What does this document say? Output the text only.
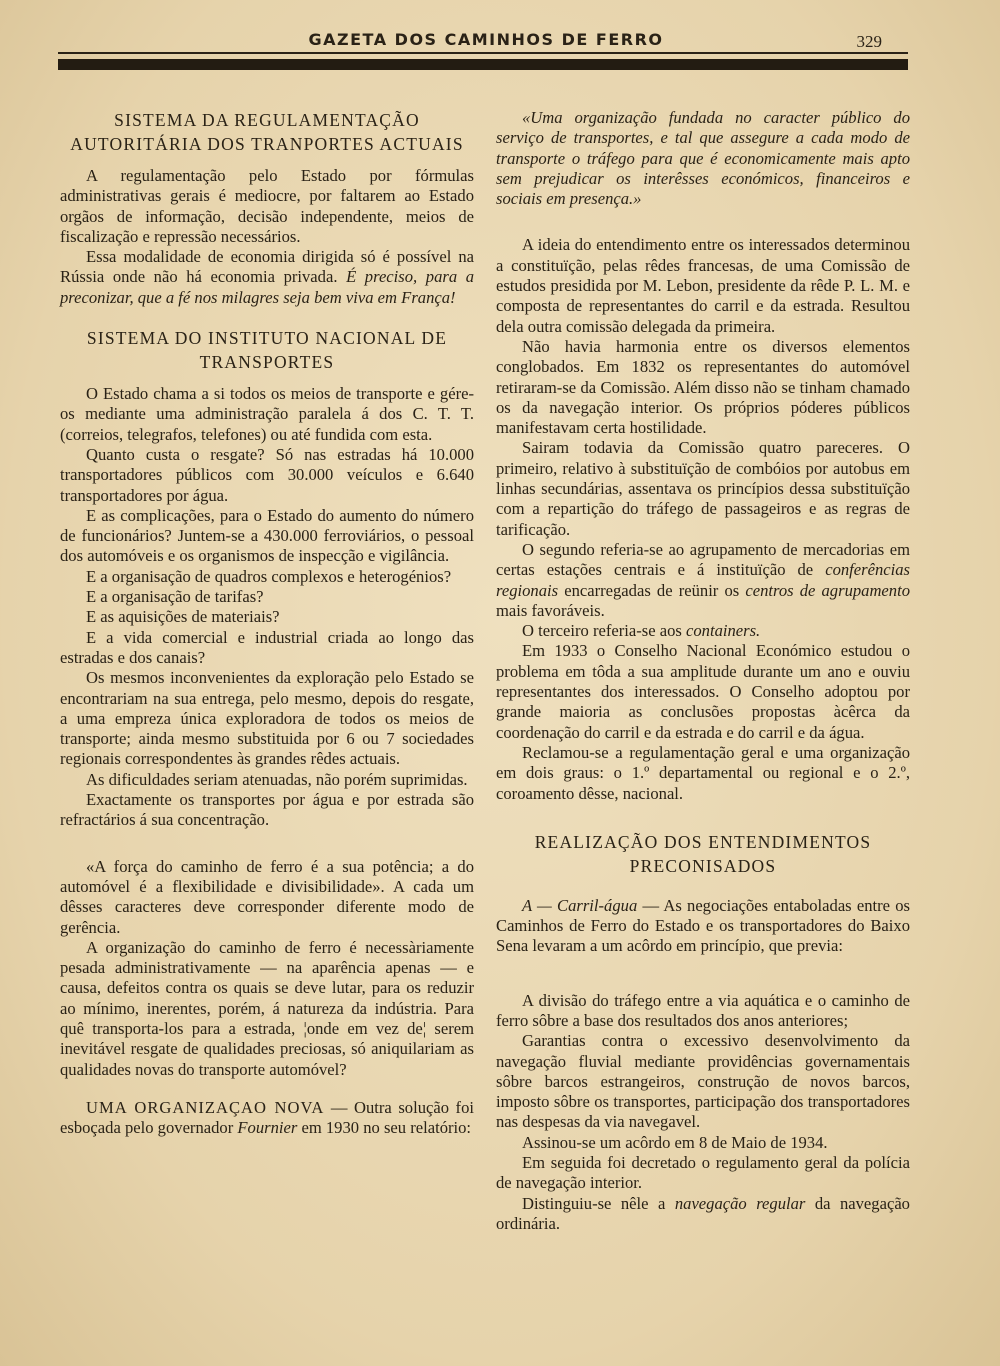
GAZETA DOS CAMINHOS DE FERRO	329
SISTEMA DA REGULAMENTAÇÃO AUTORITÁRIA DOS TRANPORTES ACTUAIS

A regulamentação pelo Estado por fórmulas administrativas gerais é mediocre, por faltarem ao Estado orgãos de informação, decisão independente, meios de fiscalização e repressão necessários.

Essa modalidade de economia dirigida só é possível na Rússia onde não há economia privada. É preciso, para a preconizar, que a fé nos milagres seja bem viva em França!

SISTEMA DO INSTITUTO NACIONAL DE TRANSPORTES

O Estado chama a si todos os meios de transporte e gére-os mediante uma administração paralela á dos C. T. T. (correios, telegrafos, telefones) ou até fundida com esta.

Quanto custa o resgate? Só nas estradas há 10.000 transportadores públicos com 30.000 veículos e 6.640 transportadores por água.

E as complicações, para o Estado do aumento do número de funcionários? Juntem-se a 430.000 ferroviários, o pessoal dos automóveis e os organismos de inspecção e vigilância.

E a organisação de quadros complexos e heterogénios?

E a organisação de tarifas?

E as aquisições de materiais?

E a vida comercial e industrial criada ao longo das estradas e dos canais?

Os mesmos inconvenientes da exploração pelo Estado se encontrariam na sua entrega, pelo mesmo, depois do resgate, a uma empreza única exploradora de todos os meios de transporte; ainda mesmo substituida por 6 ou 7 sociedades regionais correspondentes às grandes rêdes actuais.

As dificuldades seriam atenuadas, não porém suprimidas.

Exactamente os transportes por água e por estrada são refractários á sua concentração.

«A força do caminho de ferro é a sua potência; a do automóvel é a flexibilidade e divisibilidade». A cada um dêsses caracteres deve corresponder diferente modo de gerência.

A organização do caminho de ferro é necessàriamente pesada administrativamente — na aparência apenas — e causa, defeitos contra os quais se deve lutar, para os reduzir ao mínimo, inerentes, porém, á natureza da indústria. Para quê transporta-los para a estrada, ¦onde em vez de¦ serem inevitável resgate de qualidades preciosas, só aniquilariam as qualidades novas do transporte automóvel?

UMA ORGANIZAÇAO NOVA — Outra solução foi esboçada pelo governador Fournier em 1930 no seu relatório:

«Uma organização fundada no caracter público do serviço de transportes, e tal que assegure a cada modo de transporte o tráfego para que é economicamente mais apto sem prejudicar os interêsses económicos, financeiros e sociais em presença.»

A ideia do entendimento entre os interessados determinou a constituïção, pelas rêdes francesas, de uma Comissão de estudos presidida por M. Lebon, presidente da rêde P. L. M. e composta de representantes do carril e da estrada. Resultou dela outra comissão delegada da primeira.

Não havia harmonia entre os diversos elementos conglobados. Em 1832 os representantes do automóvel retiraram-se da Comissão. Além disso não se tinham chamado os da navegação interior. Os próprios póderes públicos manifestavam certa hostilidade.

Sairam todavia da Comissão quatro pareceres. O primeiro, relativo à substituïção de combóios por autobus em linhas secundárias, assentava os princípios dessa substituïção com a repartição do tráfego de passageiros e as regras de tarificação.

O segundo referia-se ao agrupamento de mercadorias em certas estações centrais e á instituïção de conferências regionais encarregadas de reünir os centros de agrupamento mais favoráveis.

O terceiro referia-se aos containers.

Em 1933 o Conselho Nacional Económico estudou o problema em tôda a sua amplitude durante um ano e ouviu representantes dos interessados. O Conselho adoptou por grande maioria as conclusões propostas àcêrca da coordenação do carril e da estrada e do carril e da água.

Reclamou-se a regulamentação geral e uma organização em dois graus: o 1.º departamental ou regional e o 2.º, coroamento dêsse, nacional.

REALIZAÇÃO DOS ENTENDIMENTOS PRECONISADOS

A — Carril-água — As negociações entaboladas entre os Caminhos de Ferro do Estado e os transportadores do Baixo Sena levaram a um acôrdo em princípio, que previa:

A divisão do tráfego entre a via aquática e o caminho de ferro sôbre a base dos resultados dos anos anteriores;

Garantias contra o excessivo desenvolvimento da navegação fluvial mediante providências governamentais sôbre barcos estrangeiros, construção de novos barcos, imposto sôbre os transportes, participação dos transportadores nas despesas da via navegavel.

Assinou-se um acôrdo em 8 de Maio de 1934.

Em seguida foi decretado o regulamento geral da polícia de navegação interior.

Distinguiu-se nêle a navegação regular da navegação ordinária.
